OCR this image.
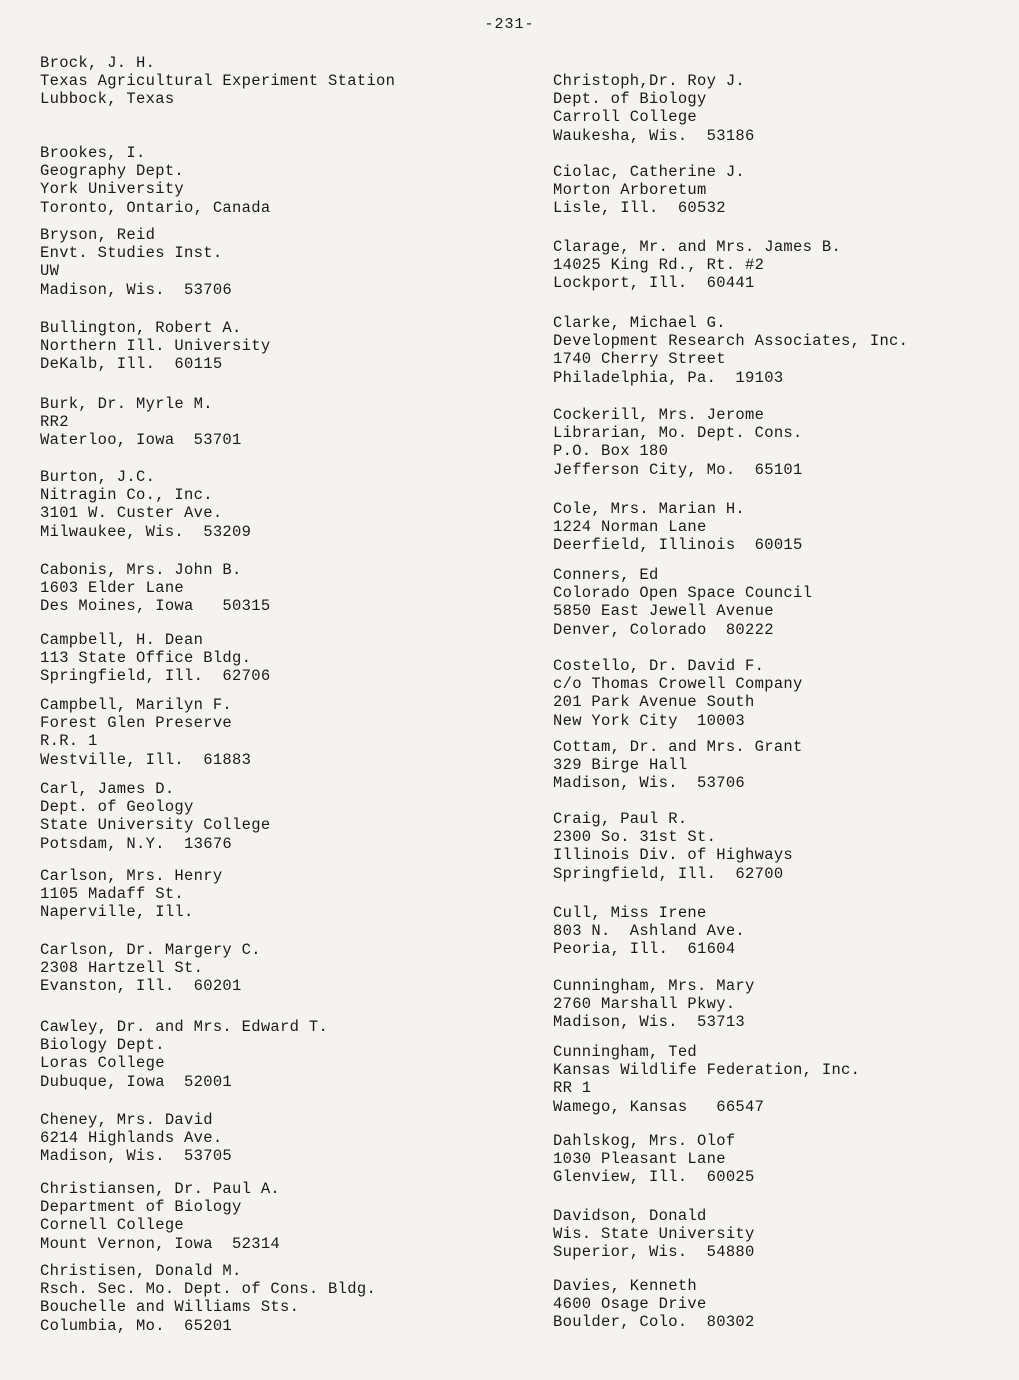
-231-
Brock, J. H.
Texas Agricultural Experiment Station
Lubbock, Texas
Brookes, I.
Geography Dept.
York University
Toronto, Ontario, Canada
Bryson, Reid
Envt. Studies Inst.
UW
Madison, Wis.  53706
Bullington, Robert A.
Northern Ill. University
DeKalb, Ill.  60115
Burk, Dr. Myrle M.
RR2
Waterloo, Iowa  53701
Burton, J.C.
Nitragin Co., Inc.
3101 W. Custer Ave.
Milwaukee, Wis.  53209
Cabonis, Mrs. John B.
1603 Elder Lane
Des Moines, Iowa   50315
Campbell, H. Dean
113 State Office Bldg.
Springfield, Ill.  62706
Campbell, Marilyn F.
Forest Glen Preserve
R.R. 1
Westville, Ill.  61883
Carl, James D.
Dept. of Geology
State University College
Potsdam, N.Y.  13676
Carlson, Mrs. Henry
1105 Madaff St.
Naperville, Ill.
Carlson, Dr. Margery C.
2308 Hartzell St.
Evanston, Ill.  60201
Cawley, Dr. and Mrs. Edward T.
Biology Dept.
Loras College
Dubuque, Iowa  52001
Cheney, Mrs. David
6214 Highlands Ave.
Madison, Wis.  53705
Christiansen, Dr. Paul A.
Department of Biology
Cornell College
Mount Vernon, Iowa  52314
Christisen, Donald M.
Rsch. Sec. Mo. Dept. of Cons. Bldg.
Bouchelle and Williams Sts.
Columbia, Mo.  65201
Christoph,Dr. Roy J.
Dept. of Biology
Carroll College
Waukesha, Wis.  53186
Ciolac, Catherine J.
Morton Arboretum
Lisle, Ill.  60532
Clarage, Mr. and Mrs. James B.
14025 King Rd., Rt. #2
Lockport, Ill.  60441
Clarke, Michael G.
Development Research Associates, Inc.
1740 Cherry Street
Philadelphia, Pa.  19103
Cockerill, Mrs. Jerome
Librarian, Mo. Dept. Cons.
P.O. Box 180
Jefferson City, Mo.  65101
Cole, Mrs. Marian H.
1224 Norman Lane
Deerfield, Illinois  60015
Conners, Ed
Colorado Open Space Council
5850 East Jewell Avenue
Denver, Colorado  80222
Costello, Dr. David F.
c/o Thomas Crowell Company
201 Park Avenue South
New York City  10003
Cottam, Dr. and Mrs. Grant
329 Birge Hall
Madison, Wis.  53706
Craig, Paul R.
2300 So. 31st St.
Illinois Div. of Highways
Springfield, Ill.  62700
Cull, Miss Irene
803 N.  Ashland Ave.
Peoria, Ill.  61604
Cunningham, Mrs. Mary
2760 Marshall Pkwy.
Madison, Wis.  53713
Cunningham, Ted
Kansas Wildlife Federation, Inc.
RR 1
Wamego, Kansas   66547
Dahlskog, Mrs. Olof
1030 Pleasant Lane
Glenview, Ill.  60025
Davidson, Donald
Wis. State University
Superior, Wis.  54880
Davies, Kenneth
4600 Osage Drive
Boulder, Colo.  80302
